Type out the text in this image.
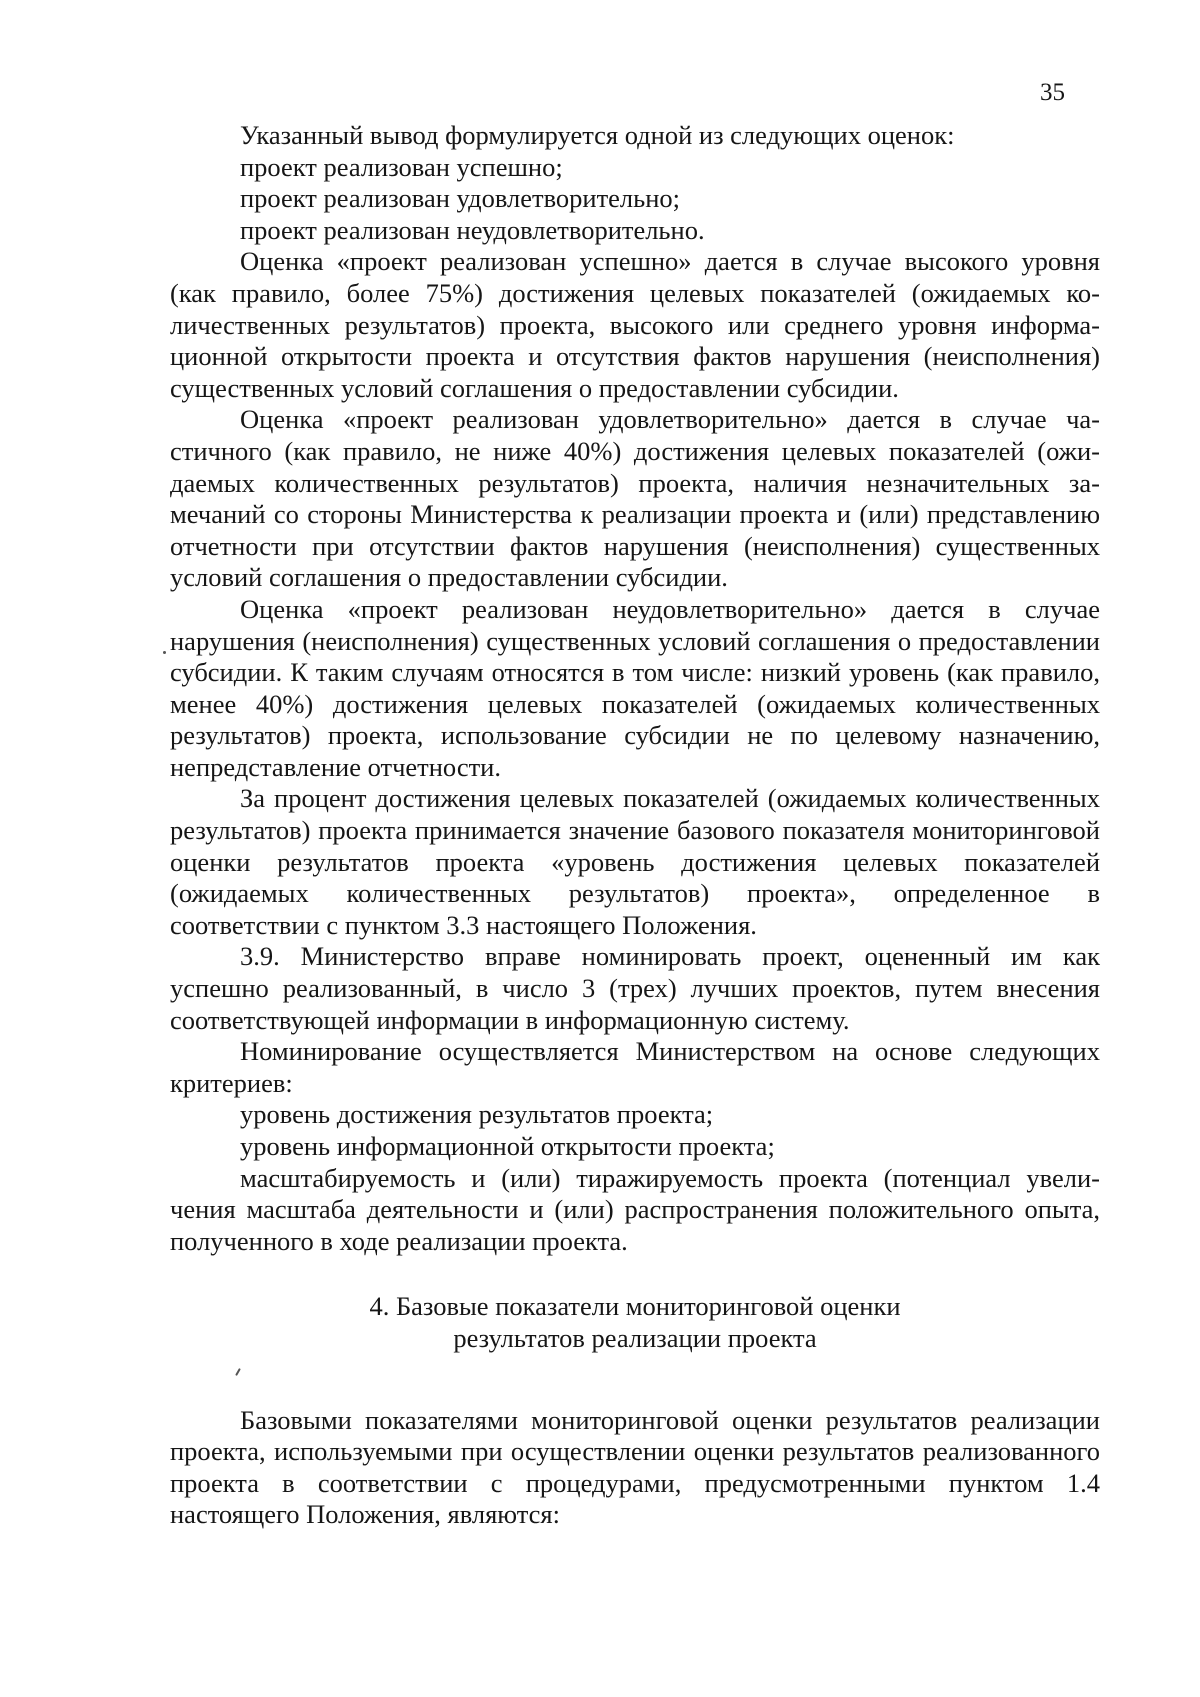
35

Указанный вывод формулируется одной из следующих оценок:

проект реализован успешно;

проект реализован удовлетворительно;

проект реализован неудовлетворительно.

Оценка «проект реализован успешно» дается в случае высокого уровня (как правило, более 75%) достижения целевых показателей (ожидаемых количественных результатов) проекта, высокого или среднего уровня информационной открытости проекта и отсутствия фактов нарушения (неисполнения) существенных условий соглашения о предоставлении субсидии.

Оценка «проект реализован удовлетворительно» дается в случае частичного (как правило, не ниже 40%) достижения целевых показателей (ожидаемых количественных результатов) проекта, наличия незначительных замечаний со стороны Министерства к реализации проекта и (или) представлению отчетности при отсутствии фактов нарушения (неисполнения) существенных условий соглашения о предоставлении субсидии.

Оценка «проект реализован неудовлетворительно» дается в случае нарушения (неисполнения) существенных условий соглашения о предоставлении субсидии. К таким случаям относятся в том числе: низкий уровень (как правило, менее 40%) достижения целевых показателей (ожидаемых количественных результатов) проекта, использование субсидии не по целевому назначению, непредставление отчетности.

За процент достижения целевых показателей (ожидаемых количественных результатов) проекта принимается значение базового показателя мониторинговой оценки результатов проекта «уровень достижения целевых показателей (ожидаемых количественных результатов) проекта», определенное в соответствии с пунктом 3.3 настоящего Положения.

3.9. Министерство вправе номинировать проект, оцененный им как успешно реализованный, в число 3 (трех) лучших проектов, путем внесения соответствующей информации в информационную систему.

Номинирование осуществляется Министерством на основе следующих критериев:

уровень достижения результатов проекта;

уровень информационной открытости проекта;

масштабируемость и (или) тиражируемость проекта (потенциал увеличения масштаба деятельности и (или) распространения положительного опыта, полученного в ходе реализации проекта.

4. Базовые показатели мониторинговой оценки
результатов реализации проекта

Базовыми показателями мониторинговой оценки результатов реализации проекта, используемыми при осуществлении оценки результатов реализованного проекта в соответствии с процедурами, предусмотренными пунктом 1.4 настоящего Положения, являются:
